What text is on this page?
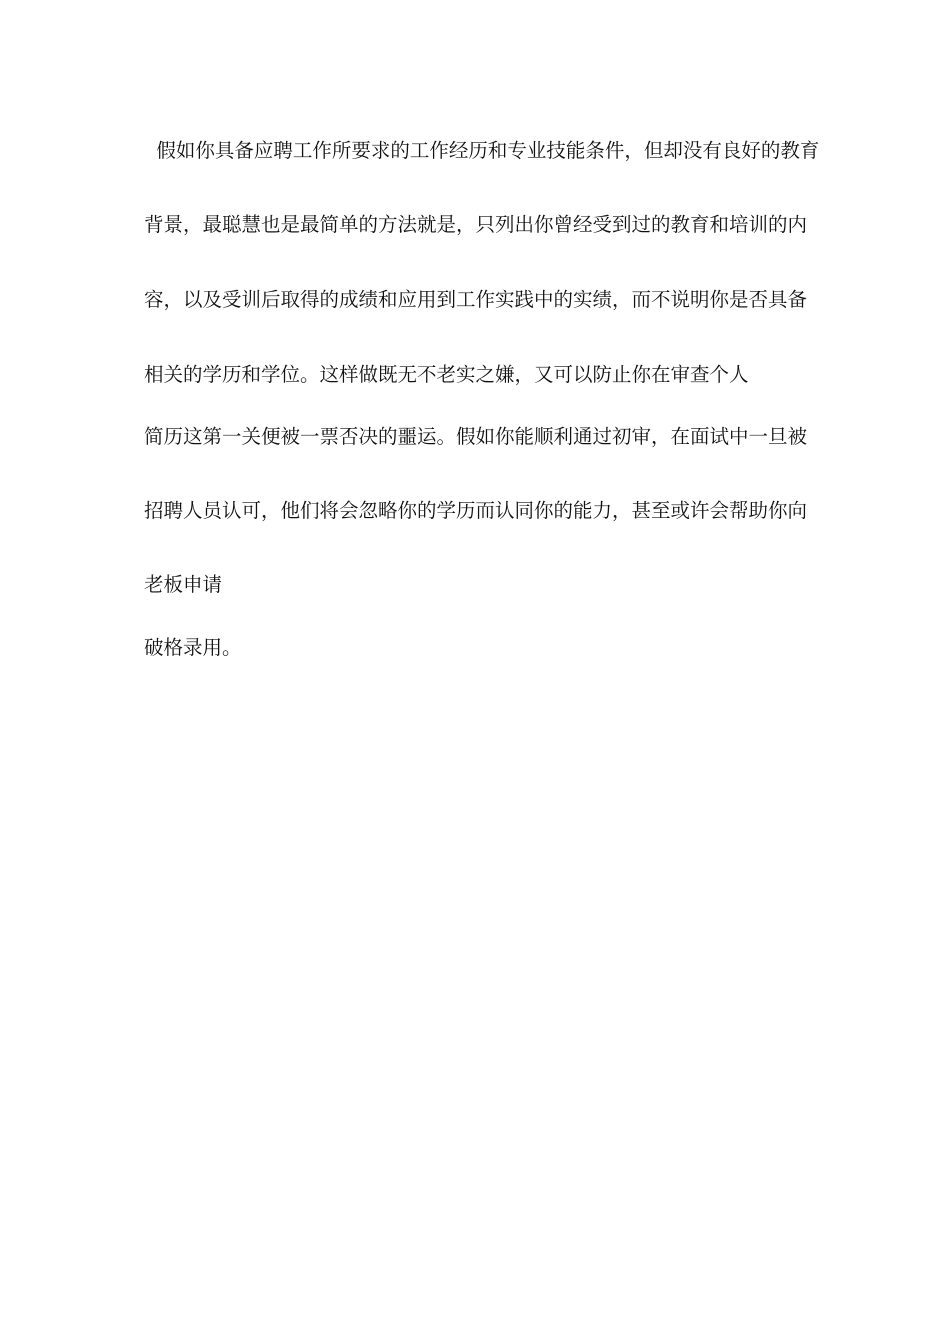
假如你具备应聘工作所要求的工作经历和专业技能条件，但却没有良好的教育
背景，最聪慧也是最简单的方法就是，只列出你曾经受到过的教育和培训的内
容，以及受训后取得的成绩和应用到工作实践中的实绩，而不说明你是否具备
相关的学历和学位。这样做既无不老实之嫌，又可以防止你在审查个人
简历这第一关便被一票否决的噩运。假如你能顺利通过初审，在面试中一旦被
招聘人员认可，他们将会忽略你的学历而认同你的能力，甚至或许会帮助你向
老板申请
破格录用。
